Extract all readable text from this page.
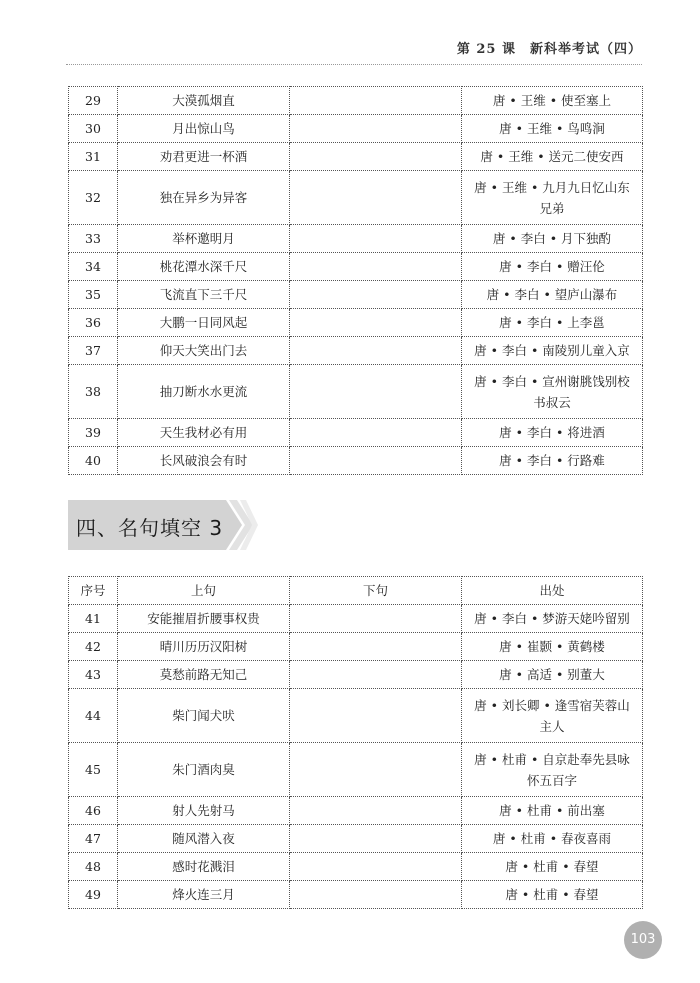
第 25 课　新科举考试（四）
29	大漠孤烟直		唐 • 王维 • 使至塞上
30	月出惊山鸟		唐 • 王维 • 鸟鸣涧
31	劝君更进一杯酒		唐 • 王维 • 送元二使安西
32	独在异乡为异客		唐 • 王维 • 九月九日忆山东兄弟
33	举杯邀明月		唐 • 李白 • 月下独酌
34	桃花潭水深千尺		唐 • 李白 • 赠汪伦
35	飞流直下三千尺		唐 • 李白 • 望庐山瀑布
36	大鹏一日同风起		唐 • 李白 • 上李邕
37	仰天大笑出门去		唐 • 李白 • 南陵别儿童入京
38	抽刀断水水更流		唐 • 李白 • 宣州谢朓饯别校书叔云
39	天生我材必有用		唐 • 李白 • 将进酒
40	长风破浪会有时		唐 • 李白 • 行路难
四、名句填空 3
序号	上句	下句	出处
41	安能摧眉折腰事权贵		唐 • 李白 • 梦游天姥吟留别
42	晴川历历汉阳树		唐 • 崔颢 • 黄鹤楼
43	莫愁前路无知己		唐 • 高适 • 别董大
44	柴门闻犬吠		唐 • 刘长卿 • 逢雪宿芙蓉山主人
45	朱门酒肉臭		唐 • 杜甫 • 自京赴奉先县咏怀五百字
46	射人先射马		唐 • 杜甫 • 前出塞
47	随风潜入夜		唐 • 杜甫 • 春夜喜雨
48	感时花溅泪		唐 • 杜甫 • 春望
49	烽火连三月		唐 • 杜甫 • 春望
103
